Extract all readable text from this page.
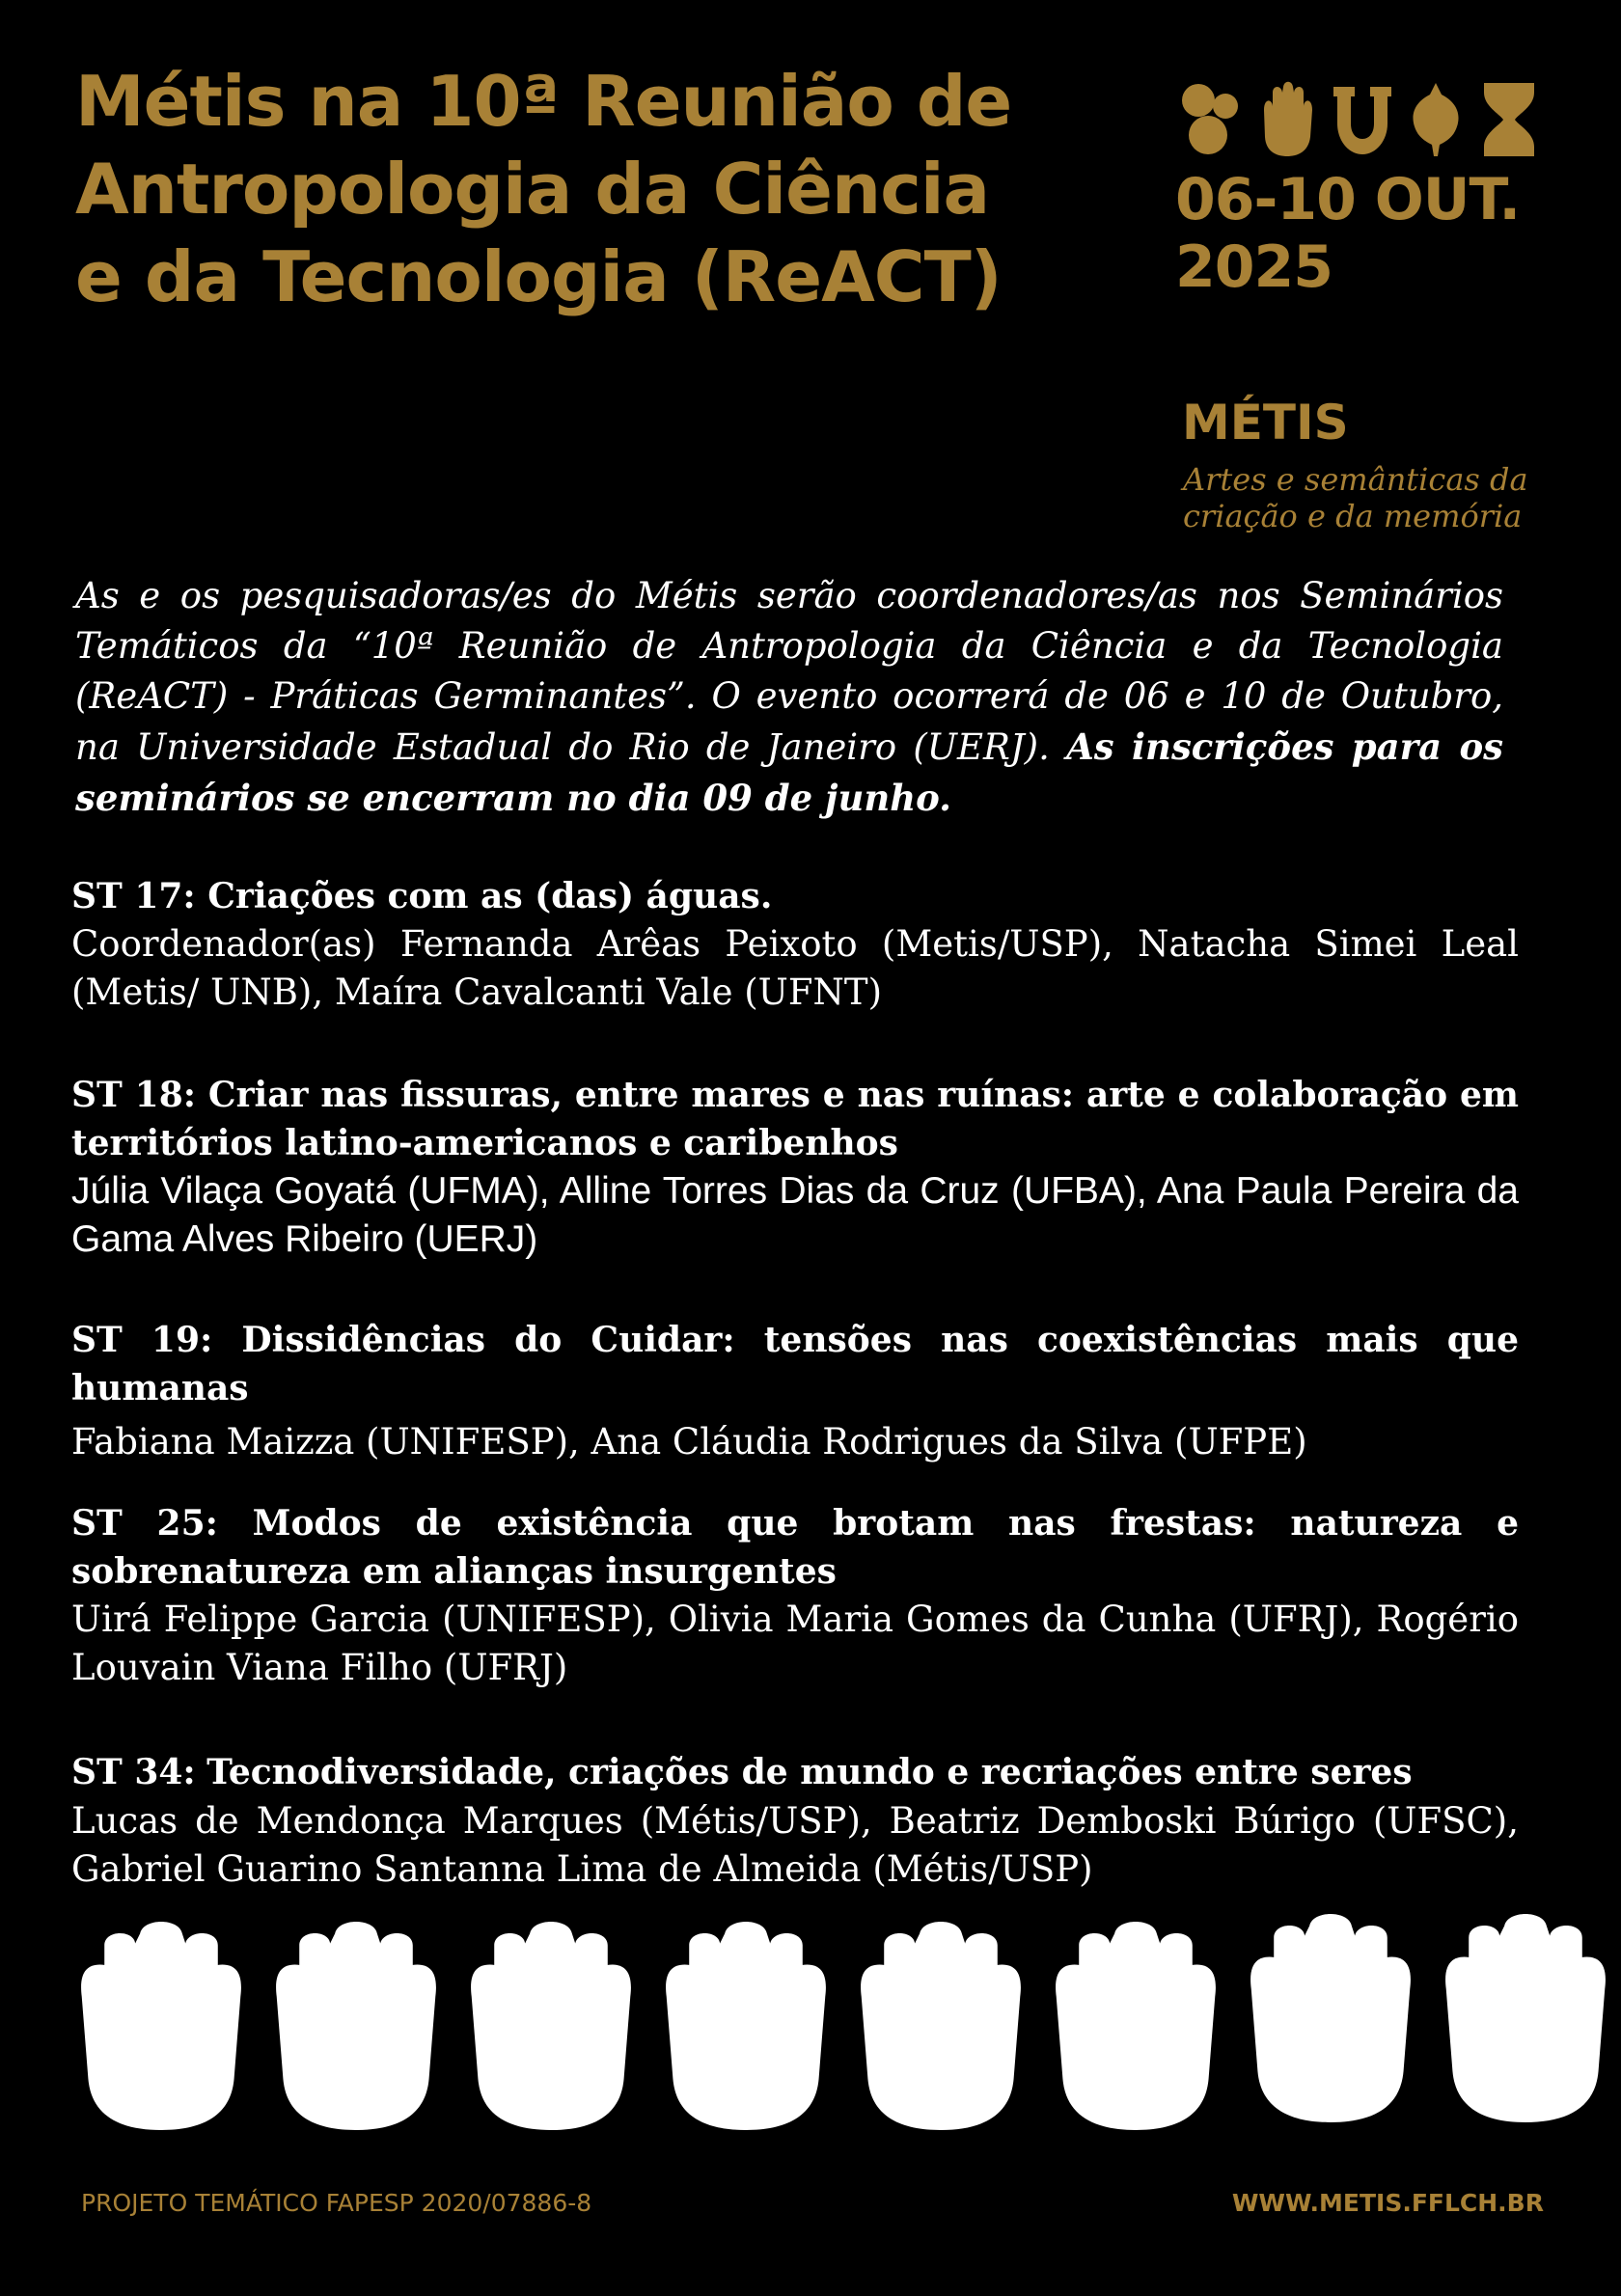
Métis na 10ª Reunião de
Antropologia da Ciência
e da Tecnologia (ReACT)
06-10 OUT.
2025
MÉTIS
Artes e semânticas da
criação e da memória

As e os pesquisadoras/es do Métis serão coordenadores/as nos Seminários Temáticos da “10ª Reunião de Antropologia da Ciência e da Tecnologia (ReACT) - Práticas Germinantes”. O evento ocorrerá de 06 e 10 de Outubro, na Universidade Estadual do Rio de Janeiro (UERJ). As inscrições para os seminários se encerram no dia 09 de junho.

ST 17: Criações com as (das) águas.

Coordenador(as) Fernanda Arêas Peixoto (Metis/USP), Natacha Simei Leal (Metis/ UNB), Maíra Cavalcanti Vale (UFNT)

ST 18: Criar nas fissuras, entre mares e nas ruínas: arte e colaboração em territórios latino-americanos e caribenhos

Júlia Vilaça Goyatá (UFMA), Alline Torres Dias da Cruz (UFBA), Ana Paula Pereira da Gama Alves Ribeiro (UERJ)

ST 19: Dissidências do Cuidar: tensões nas coexistências mais que humanas

Fabiana Maizza (UNIFESP), Ana Cláudia Rodrigues da Silva (UFPE)

ST 25: Modos de existência que brotam nas frestas: natureza e sobrenatureza em alianças insurgentes

Uirá Felippe Garcia (UNIFESP), Olivia Maria Gomes da Cunha (UFRJ), Rogério Louvain Viana Filho (UFRJ)

ST 34: Tecnodiversidade, criações de mundo e recriações entre seres

Lucas de Mendonça Marques (Métis/USP), Beatriz Demboski Búrigo (UFSC), Gabriel Guarino Santanna Lima de Almeida (Métis/USP)

PROJETO TEMÁTICO FAPESP 2020/07886-8	WWW.METIS.FFLCH.BR
